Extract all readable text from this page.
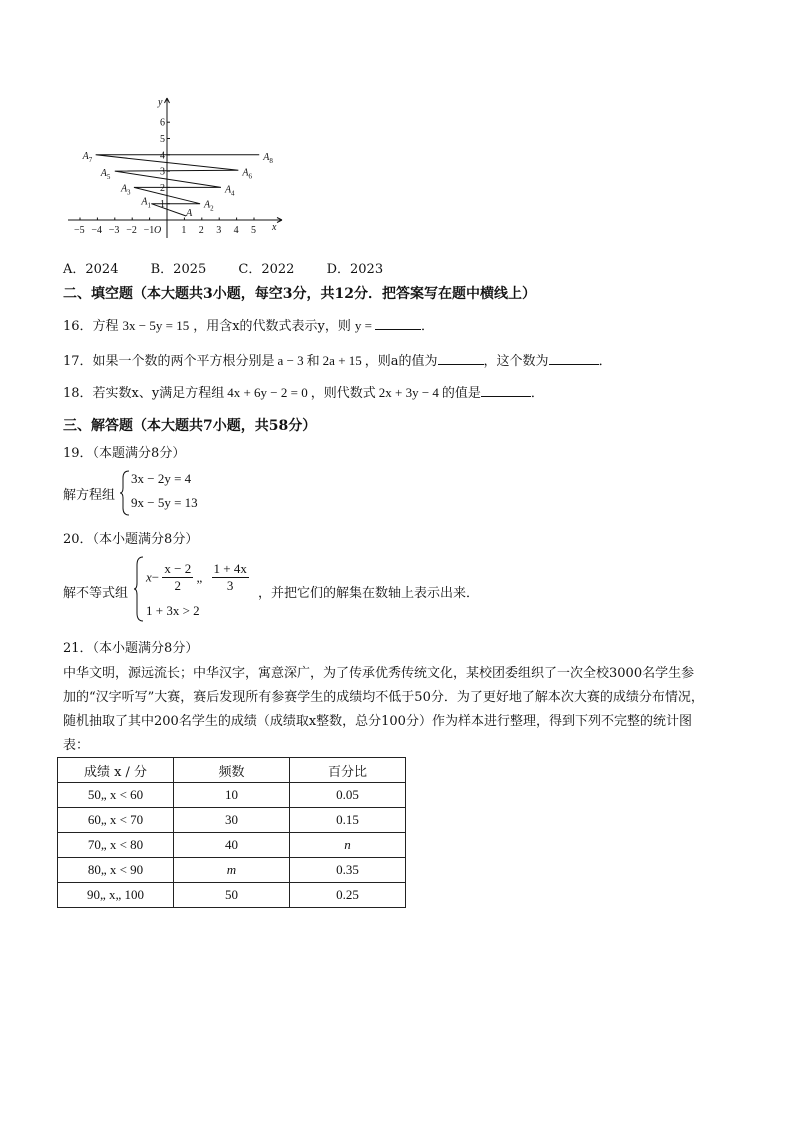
−5 −4 −3 −2 −1	1 2 3 4 5
1
2
3
4
5
6
O
y
x
A
$A_1$	$A_2$
$A_3$	$A_4$
$A_5$	$A_6$
$A_7$	$A_8$
A．2024 B．2025 C．2022 D．2023
二、填空题（本大题共3小题，每空3分，共12分．把答案写在题中横线上）
16．方程 3x − 5y = 15 ，用含x的代数式表示y，则 y =	．
17．如果一个数的两个平方根分别是 a − 3 和 2a + 15 ，则a的值为	，这个数为	．
18．若实数x、y满足方程组 4x + 6y − 2 = 0 ，则代数式 2x + 3y − 4 的值是	．
三、解答题（本大题共7小题，共58分）
19．（本题满分8分）
解方程组
3x − 2y = 4
9x − 5y = 13
20．（本小题满分8分）
解不等式组
$x- \frac{x - 2}{2}$ „ $\frac{1 + 4x}{3}$ ，并把它们的解集在数轴上表示出来．
1 + 3x > 2
21．（本小题满分8分）
中华文明，源远流长；中华汉字，寓意深广，为了传承优秀传统文化，某校团委组织了一次全校3000名学生参
加的“汉字听写”大赛，赛后发现所有参赛学生的成绩均不低于50分．为了更好地了解本次大赛的成绩分布情况，
随机抽取了其中200名学生的成绩（成绩取x整数，总分100分）作为样本进行整理，得到下列不完整的统计图
表：
成绩 x / 分	频数	百分比
50„ x < 60	10	0.05
60„ x < 70	30	0.15
70„ x < 80	40	n
80„ x < 90	m	0.35
90„ x„ 100	50	0.25
